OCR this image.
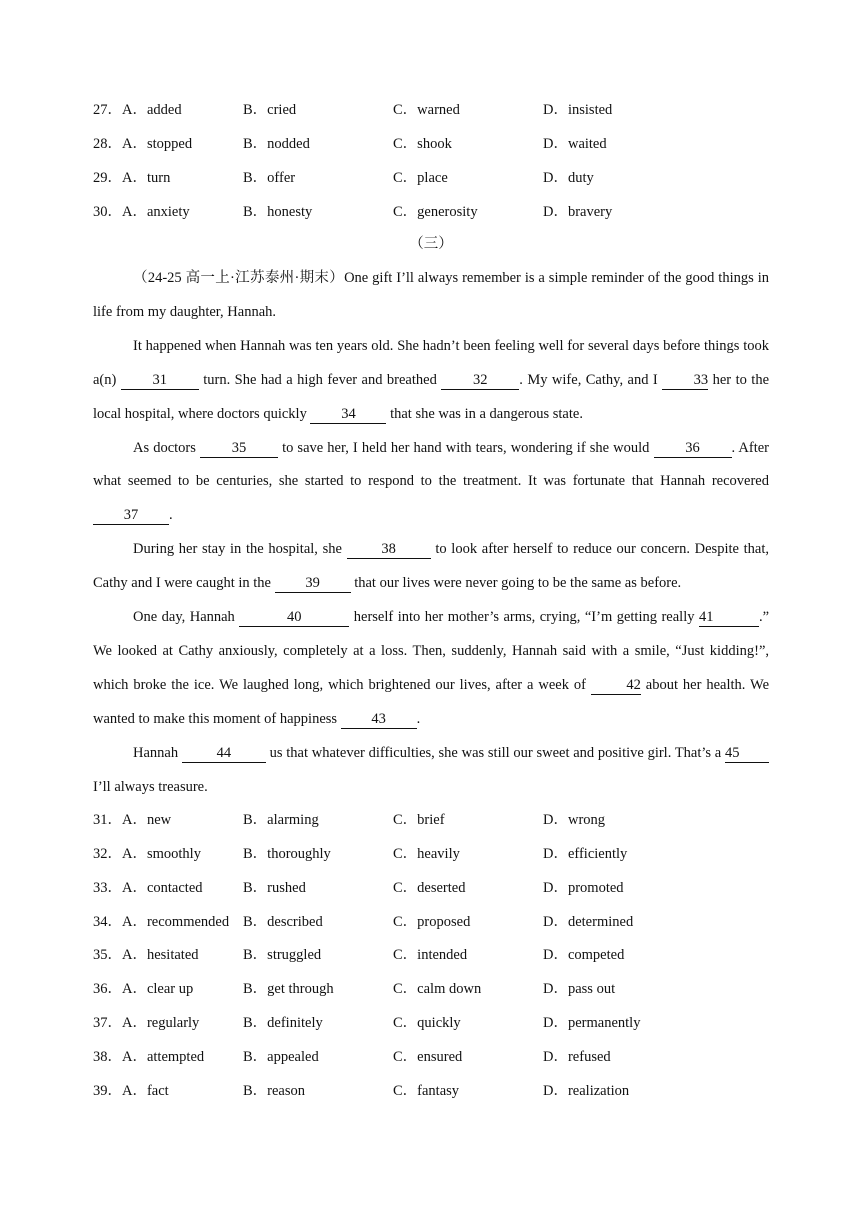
27．A．added	B．cried	C．warned	D．insisted
28．A．stopped	B．nodded	C．shook	D．waited
29．A．turn	B．offer	C．place	D．duty
30．A．anxiety	B．honesty	C．generosity	D．bravery
（三）

（24-25 高一上·江苏泰州·期末）One gift I’ll always remember is a simple reminder of the good things in life from my daughter, Hannah.

It happened when Hannah was ten years old. She hadn’t been feeling well for several days before things took a(n) 31 turn. She had a high fever and breathed 32 . My wife, Cathy, and I 33 her to the local hospital, where doctors quickly 34 that she was in a dangerous state.

As doctors 35 to save her, I held her hand with tears, wondering if she would 36 . After what seemed to be centuries, she started to respond to the treatment. It was fortunate that Hannah recovered 37 .

During her stay in the hospital, she 38 to look after herself to reduce our concern. Despite that, Cathy and I were caught in the 39 that our lives were never going to be the same as before.

One day, Hannah	40	herself into her mother’s arms, crying, “I’m getting really 41	.” We looked at Cathy anxiously, completely at a loss. Then, suddenly, Hannah said with a smile, “Just kidding!”, which broke the ice. We laughed long, which brightened our lives, after a week of 42 about her health. We wanted to make this moment of happiness 43 .

Hannah 44 us that whatever difficulties, she was still our sweet and positive girl. That’s a 45 I’ll always treasure.

31．A．new	B．alarming	C．brief	D．wrong
32．A．smoothly	B．thoroughly	C．heavily	D．efficiently
33．A．contacted	B．rushed	C．deserted	D．promoted
34．A．recommended B．described	C．proposed	D．determined
35．A．hesitated	B．struggled	C．intended	D．competed
36．A．clear up	B．get through	C．calm down	D．pass out
37．A．regularly	B．definitely	C．quickly	D．permanently
38．A．attempted	B．appealed	C．ensured	D．refused
39．A．fact	B．reason	C．fantasy	D．realization
